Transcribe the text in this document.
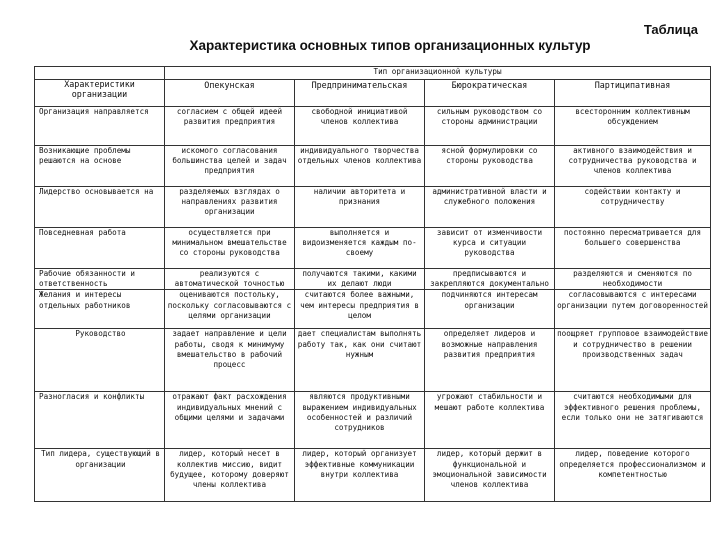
Таблица
Характеристика основных типов организационных культур
	Тип организационной культуры			
Характеристики организации	Опекунская	Предпринимательская	Бюрократическая	Партиципативная
Организация направляется	согласием с общей идеей развития предприятия	свободной инициативой членов коллектива	сильным руководством со стороны администрации	всесторонним коллективным обсуждением
Возникающие проблемы решаются на основе	искомого согласования большинства целей и задач предприятия	индивидуального творчества отдельных членов коллектива	ясной формулировки со стороны руководства	активного взаимодействия и сотрудничества руководства и членов коллектива
Лидерство основывается на	разделяемых взглядах о направлениях развития организации	наличии авторитета и признания	административной власти и служебного положения	содействии контакту и сотрудничеству
Повседневная работа	осуществляется при минимальном вмешательстве со стороны руководства	выполняется и видоизменяется каждым по-своему	зависит от изменчивости курса и ситуации руководства	постоянно пересматривается для большего совершенства
Рабочие обязанности и ответственность	реализуются с автоматической точностью	получаются такими, какими их делают люди	предписываются и закрепляются документально	разделяются и сменяются по необходимости
Желания и интересы отдельных работников	оцениваются постольку, поскольку согласовываются с целями организации	считаются более важными, чем интересы предприятия в целом	подчиняются интересам организации	согласовываются с интересами организации путем договоренностей
Руководство	задает направление и цели работы, сводя к минимуму вмешательство в рабочий процесс	дает специалистам выполнять работу так, как они считают нужным	определяет лидеров и возможные направления развития предприятия	поощряет групповое взаимодействие и сотрудничество в решении производственных задач
Разногласия и конфликты	отражают факт расхождения индивидуальных мнений с общими целями и задачами	являются продуктивными выражением индивидуальных особенностей и различий сотрудников	угрожают стабильности и мешают работе коллектива	считаются необходимыми для эффективного решения проблемы, если только они не затягиваются
Тип лидера, существующий в организации	лидер, который несет в коллектив миссию, видит будущее, которому доверяют члены коллектива	лидер, который организует эффективные коммуникации внутри коллектива	лидер, который держит в функциональной и эмоциональной зависимости членов коллектива	лидер, поведение которого определяется профессионализмом и компетентностью
